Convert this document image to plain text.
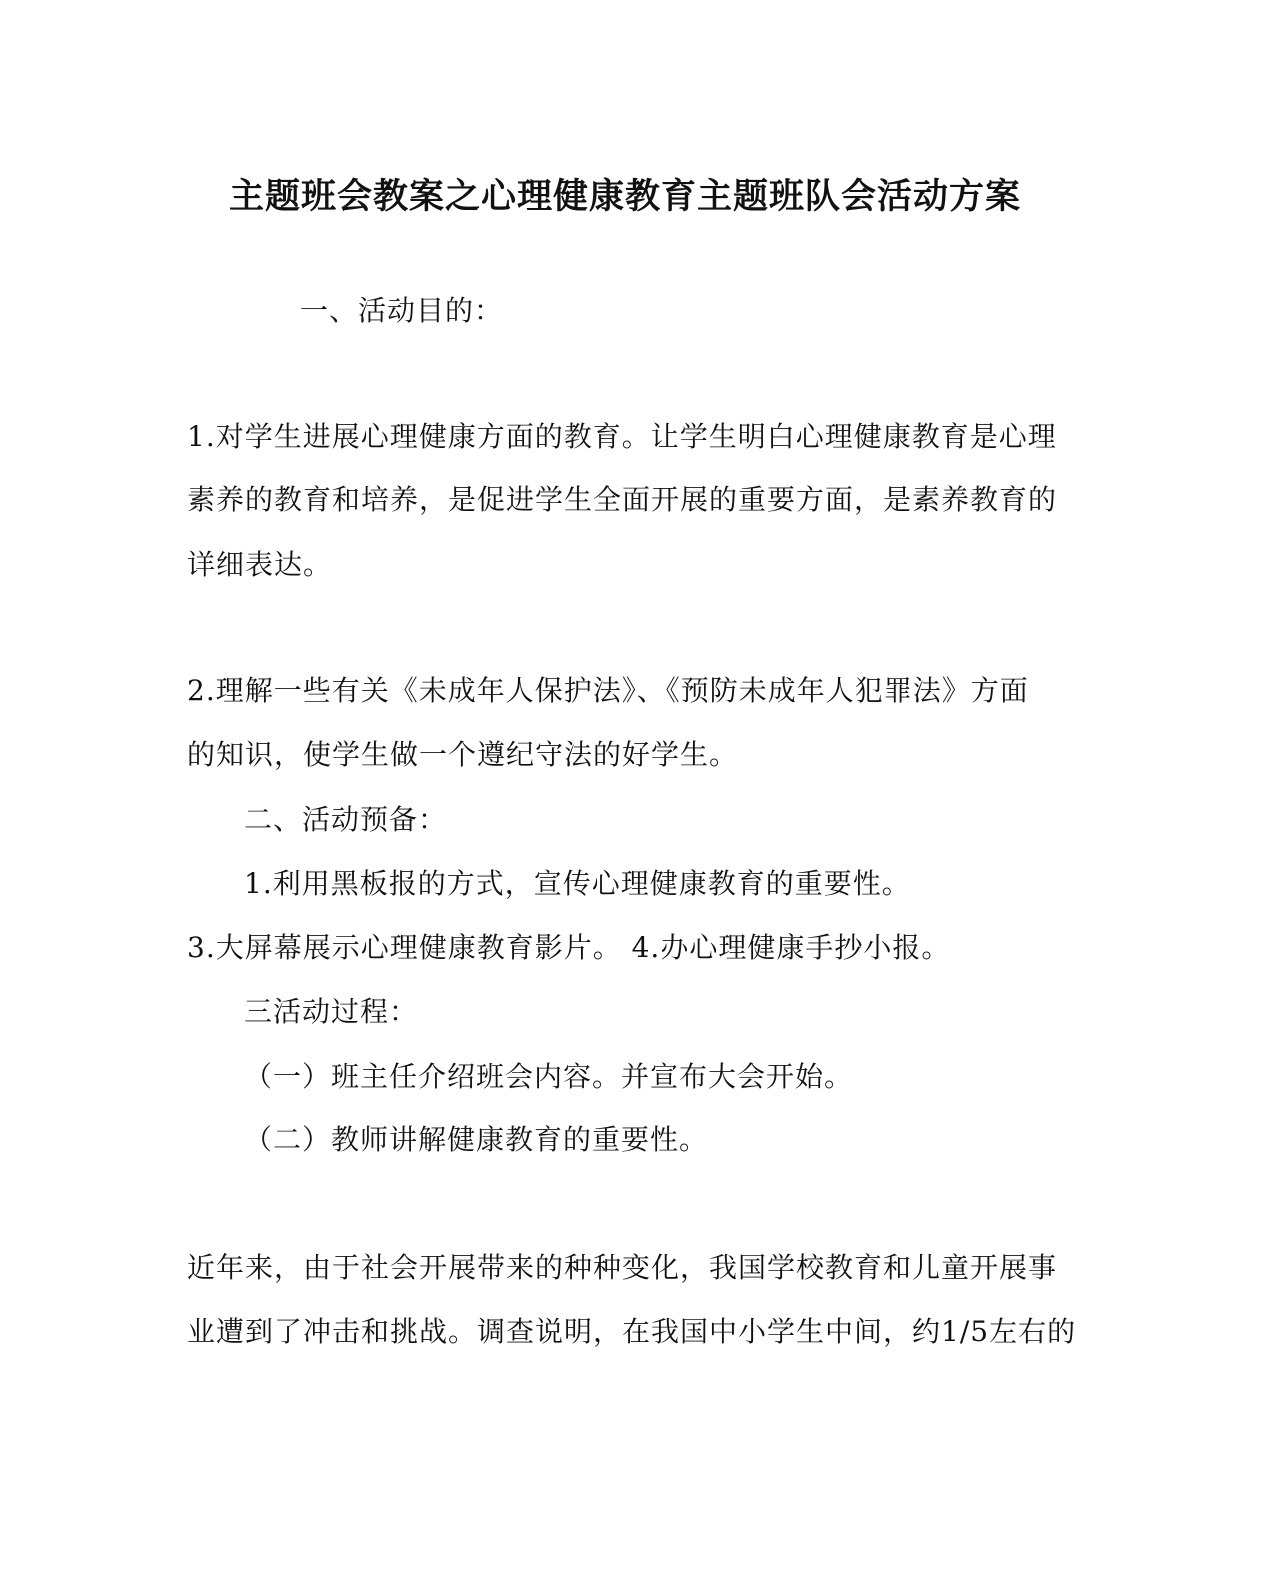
主题班会教案之心理健康教育主题班队会活动方案
一、活动目的：
1.对学生进展心理健康方面的教育。让学生明白心理健康教育是心理
素养的教育和培养，是促进学生全面开展的重要方面，是素养教育的
详细表达。
2.理解一些有关《未成年人保护法》、《预防未成年人犯罪法》方面
的知识，使学生做一个遵纪守法的好学生。
二、活动预备：
1.利用黑板报的方式，宣传心理健康教育的重要性。
3.大屏幕展示心理健康教育影片。 4.办心理健康手抄小报。
三活动过程：
（一）班主任介绍班会内容。并宣布大会开始。
（二）教师讲解健康教育的重要性。
近年来，由于社会开展带来的种种变化，我国学校教育和儿童开展事
业遭到了冲击和挑战。调查说明，在我国中小学生中间，约1/5左右的
